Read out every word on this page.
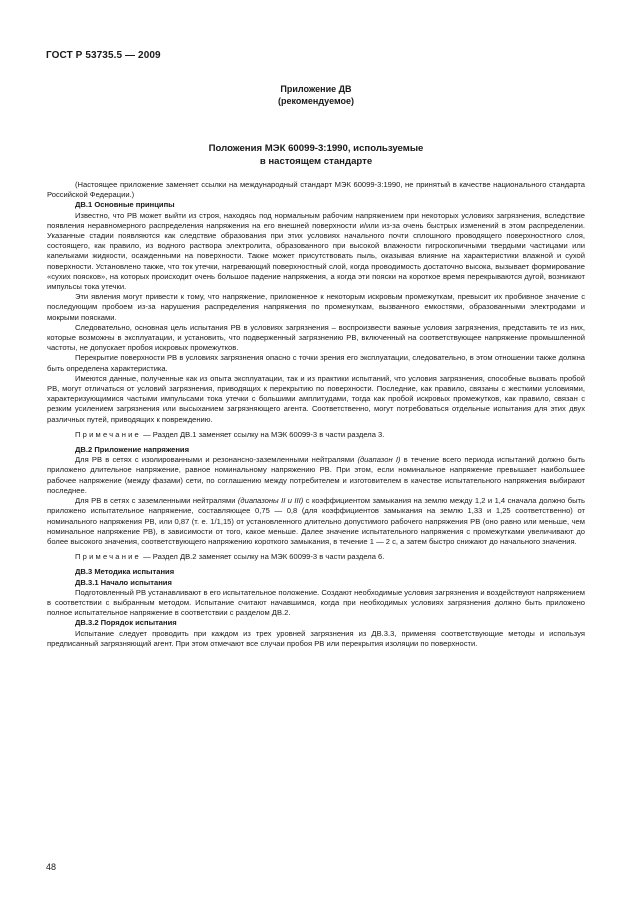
ГОСТ Р 53735.5 — 2009
Приложение ДВ
(рекомендуемое)
Положения МЭК 60099-3:1990, используемые
в настоящем стандарте

(Настоящее приложение заменяет ссылки на международный стандарт МЭК 60099-3:1990, не принятый в качестве национального стандарта Российской Федерации.)

ДВ.1 Основные принципы

Известно, что РВ может выйти из строя, находясь под нормальным рабочим напряжением при некоторых условиях загрязнения, вследствие появления неравномерного распределения напряжения на его внешней поверхности и/или из-за очень быстрых изменений в этом распределении. Указанные стадии появляются как следствие образования при этих условиях начального почти сплошного проводящего поверхностного слоя, состоящего, как правило, из водного раствора электролита, образованного при высокой влажности гигроскопичными твердыми частицами или капельками жидкости, осажденными на поверхности. Также может присутствовать пыль, оказывая влияние на характеристики влажной и сухой поверхности. Установлено также, что ток утечки, нагревающий поверхностный слой, когда проводимость достаточно высока, вызывает формирование «сухих поясков», на которых происходит очень большое падение напряжения, а когда эти пояски на короткое время перекрываются дугой, возникают импульсы тока утечки.

Эти явления могут привести к тому, что напряжение, приложенное к некоторым искровым промежуткам, превысит их пробивное значение с последующим пробоем из-за нарушения распределения напряжения по промежуткам, вызванного емкостями, образованными электродами и мокрыми поясками.

Следовательно, основная цель испытания РВ в условиях загрязнения – воспроизвести важные условия загрязнения, представить те из них, которые возможны в эксплуатации, и установить, что подверженный загрязнению РВ, включенный на соответствующее напряжение промышленной частоты, не допускает пробоя искровых промежутков.

Перекрытие поверхности РВ в условиях загрязнения опасно с точки зрения его эксплуатации, следовательно, в этом отношении также должна быть определена характеристика.

Имеются данные, полученные как из опыта эксплуатации, так и из практики испытаний, что условия загрязнения, способные вызвать пробой РВ, могут отличаться от условий загрязнения, приводящих к перекрытию по поверхности. Последние, как правило, связаны с жесткими условиями, характеризующимися частыми импульсами тока утечки с большими амплитудами, тогда как пробой искровых промежутков, как правило, связан с резким усилением загрязнения или высыханием загрязняющего агента. Соответственно, могут потребоваться отдельные испытания для этих двух различных путей, приводящих к повреждению.

Примечание — Раздел ДВ.1 заменяет ссылку на МЭК 60099-3 в части раздела 3.

ДВ.2 Приложение напряжения

Для РВ в сетях с изолированными и резонансно-заземленными нейтралями (диапазон I) в течение всего периода испытаний должно быть приложено длительное напряжение, равное номинальному напряжению РВ. При этом, если номинальное напряжение превышает наибольшее рабочее напряжение (между фазами) сети, по соглашению между потребителем и изготовителем в качестве испытательного напряжения выбирают последнее.

Для РВ в сетях с заземленными нейтралями (диапазоны II и III) с коэффициентом замыкания на землю между 1,2 и 1,4 сначала должно быть приложено испытательное напряжение, составляющее 0,75 — 0,8 (для коэффициентов замыкания на землю 1,33 и 1,25 соответственно) от номинального напряжения РВ, или 0,87 (т. е. 1/1,15) от установленного длительно допустимого рабочего напряжения РВ (оно равно или меньше, чем номинальное напряжение РВ), в зависимости от того, какое меньше. Далее значение испытательного напряжения с промежутками увеличивают до более высокого значения, соответствующего напряжению короткого замыкания, в течение 1 — 2 с, а затем быстро снижают до начального значения.

Примечание — Раздел ДВ.2 заменяет ссылку на МЭК 60099-3 в части раздела 6.

ДВ.3 Методика испытания

ДВ.3.1 Начало испытания

Подготовленный РВ устанавливают в его испытательное положение. Создают необходимые условия загрязнения и воздействуют напряжением в соответствии с выбранным методом. Испытание считают начавшимся, когда при необходимых условиях загрязнения должно быть приложено полное испытательное напряжение в соответствии с разделом ДВ.2.

ДВ.3.2 Порядок испытания

Испытание следует проводить при каждом из трех уровней загрязнения из ДВ.3.3, применяя соответствующие методы и используя предписанный загрязняющий агент. При этом отмечают все случаи пробоя РВ или перекрытия изоляции по поверхности.

48
